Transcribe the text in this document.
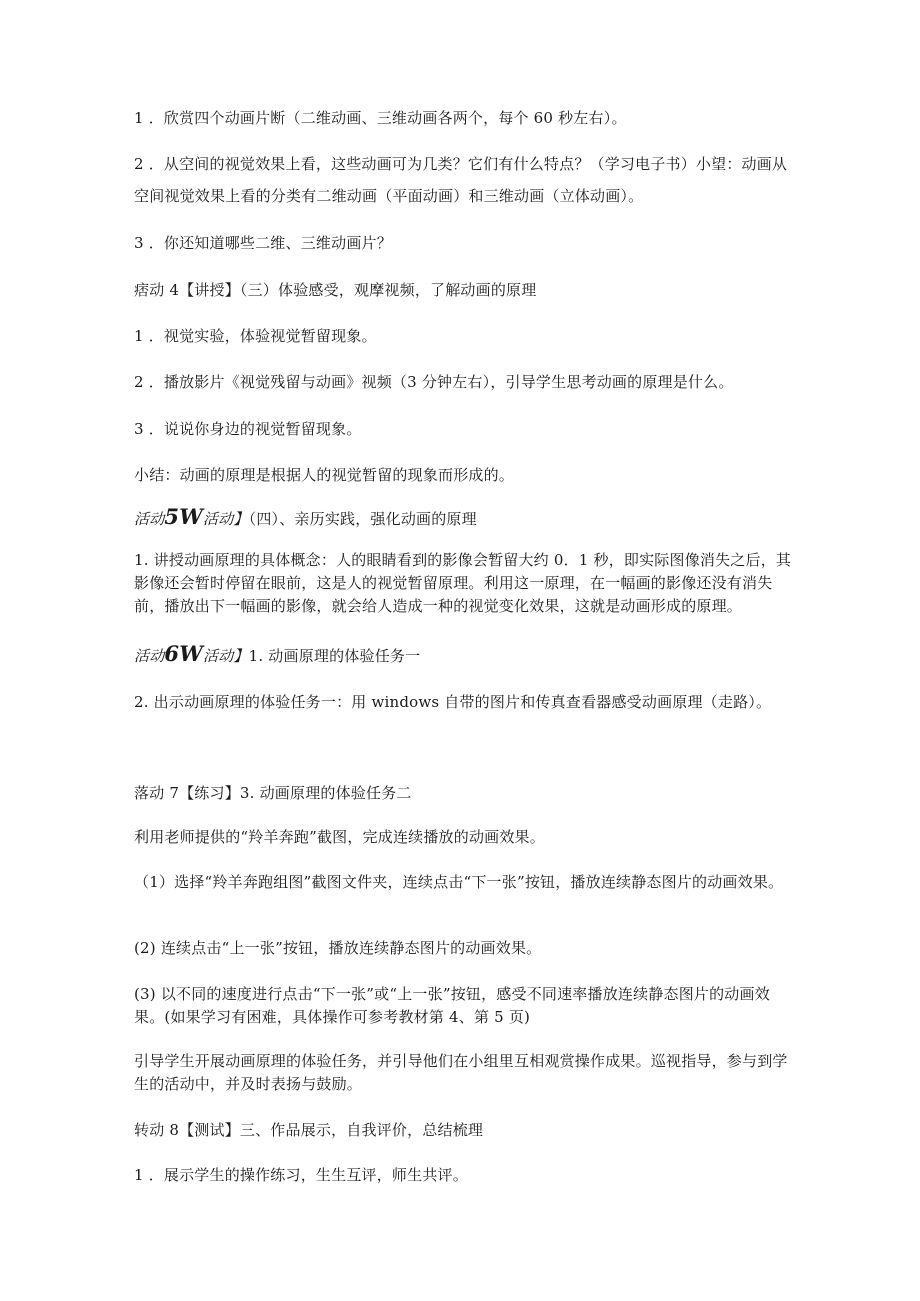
1 ．欣赏四个动画片断（二维动画、三维动画各两个，每个 60 秒左右）。
2 ．从空间的视觉效果上看，这些动画可为几类？它们有什么特点？（学习电子书）小望：动画从
空间视觉效果上看的分类有二维动画（平面动画）和三维动画（立体动画）。
3 ．你还知道哪些二维、三维动画片？
痞动 4【讲授】（三）体验感受，观摩视频，了解动画的原理
1 ．视觉实验，体验视觉暂留现象。
2 ．播放影片《视觉残留与动画》视频（3 分钟左右），引导学生思考动画的原理是什么。
3 ．说说你身边的视觉暂留现象。
小结：动画的原理是根据人的视觉暂留的现象而形成的。
活动5W活动】（四）、亲历实践，强化动画的原理
1. 讲授动画原理的具体概念：人的眼睛看到的影像会暂留大约 0．1 秒，即实际图像消失之后，其影像还会暂时停留在眼前，这是人的视觉暂留原理。利用这一原理，在一幅画的影像还没有消失前，播放出下一幅画的影像，就会给人造成一种的视觉变化效果，这就是动画形成的原理。
活动6W活动】1. 动画原理的体验任务一
2. 出示动画原理的体验任务一：用 windows 自带的图片和传真查看器感受动画原理（走路）。
落动 7【练习】3. 动画原理的体验任务二
利用老师提供的“羚羊奔跑”截图，完成连续播放的动画效果。
（1）选择“羚羊奔跑组图”截图文件夹，连续点击“下一张”按钮，播放连续静态图片的动画效果。
(2) 连续点击“上一张”按钮，播放连续静态图片的动画效果。
(3) 以不同的速度进行点击“下一张”或“上一张”按钮，感受不同速率播放连续静态图片的动画效果。(如果学习有困难，具体操作可参考教材第 4、第 5 页)
引导学生开展动画原理的体验任务，并引导他们在小组里互相观赏操作成果。巡视指导，参与到学生的活动中，并及时表扬与鼓励。
转动 8【测试】三、作品展示，自我评价，总结梳理
1 ．展示学生的操作练习，生生互评，师生共评。
